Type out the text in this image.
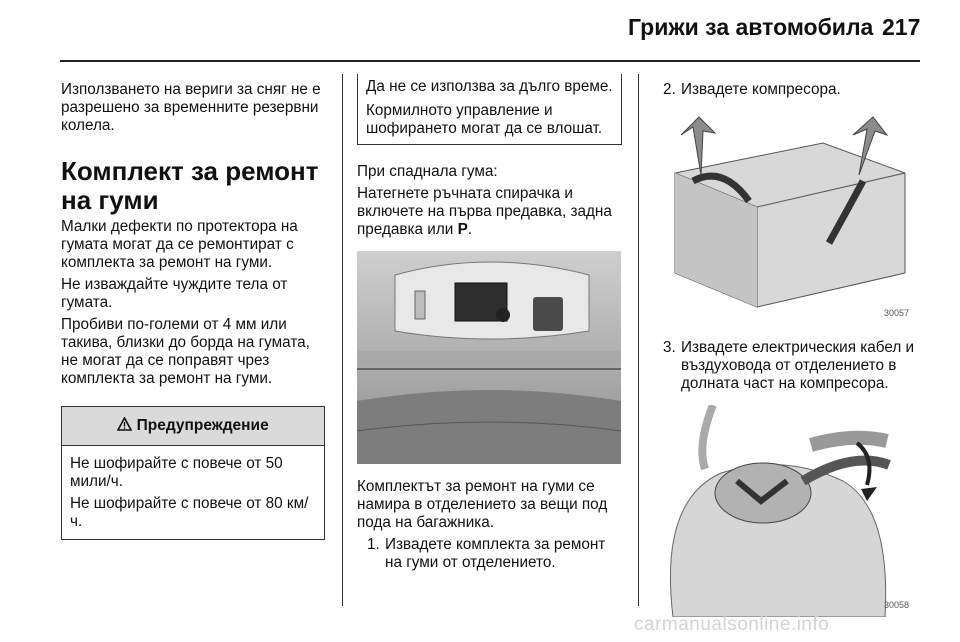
Грижи за автомобила 217

Използването на вериги за сняг не е разрешено за временните резервни колела.

Комплект за ремонт на гуми

Малки дефекти по протектора на гумата могат да се ремонтират с комплекта за ремонт на гуми.

Не изваждайте чуждите тела от гумата.

Пробиви по-големи от 4 мм или такива, близки до борда на гумата, не могат да се поправят чрез комплекта за ремонт на гуми.

Предупреждение

Не шофирайте с повече от 50 мили/ч.

Не шофирайте с повече от 80 км/ч.

Да не се използва за дълго време.

Кормилното управление и шофирането могат да се влошат.

При спаднала гума:

Натегнете ръчната спирачка и включете на първа предавка, задна предавка или P.

Комплектът за ремонт на гуми се намира в отделението за вещи под пода на багажника.

1. Извадете комплекта за ремонт на гуми от отделението.
2. Извадете компресора.
30057
3. Извадете електрическия кабел и въздуховода от отделението в долната част на компресора.
30058
carmanualsonline.info
